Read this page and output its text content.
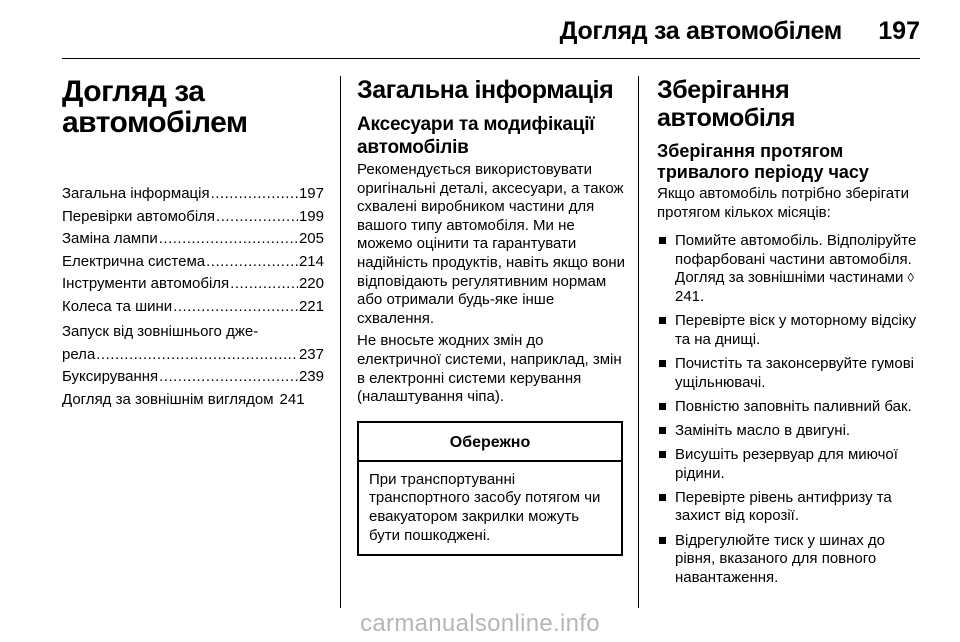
Догляд за автомобілем 197
Догляд за
автомобілем
Загальна інформація .....	197
Перевірки автомобіля .....	199
Заміна лампи .....	205
Електрична система .....	214
Інструменти автомобіля .....	220
Колеса та шини .....	221
Запуск від зовнішнього дже-
рела .....	237
Буксирування .....	239
Догляд за зовнішнім виглядом 241
Загальна інформація
Аксесуари та модифікації автомобілів

Рекомендується використовувати оригінальні деталі, аксесуари, а також схвалені виробником частини для вашого типу автомобіля. Ми не можемо оцінити та гарантувати надійність продуктів, навіть якщо вони відповідають регулятивним нормам або отримали будь-яке інше схвалення.

Не вносьте жодних змін до електричної системи, наприклад, змін в електронні системи керування (налаштування чіпа).

Обережно
При транспортуванні транспортного засобу потягом чи евакуатором закрилки можуть бути пошкоджені.
Зберігання автомобіля
Зберігання протягом тривалого періоду часу

Якщо автомобіль потрібно зберігати протягом кількох місяців:

Помийте автомобіль. Відполіруйте пофарбовані частини автомобіля. Догляд за зовнішніми частинами ◊ 241.
Перевірте віск у моторному відсіку та на днищі.
Почистіть та законсервуйте гумові ущільнювачі.
Повністю заповніть паливний бак.
Замініть масло в двигуні.
Висушіть резервуар для миючої рідини.
Перевірте рівень антифризу та захист від корозії.
Відрегулюйте тиск у шинах до рівня, вказаного для повного навантаження.
carmanualsonline.info
